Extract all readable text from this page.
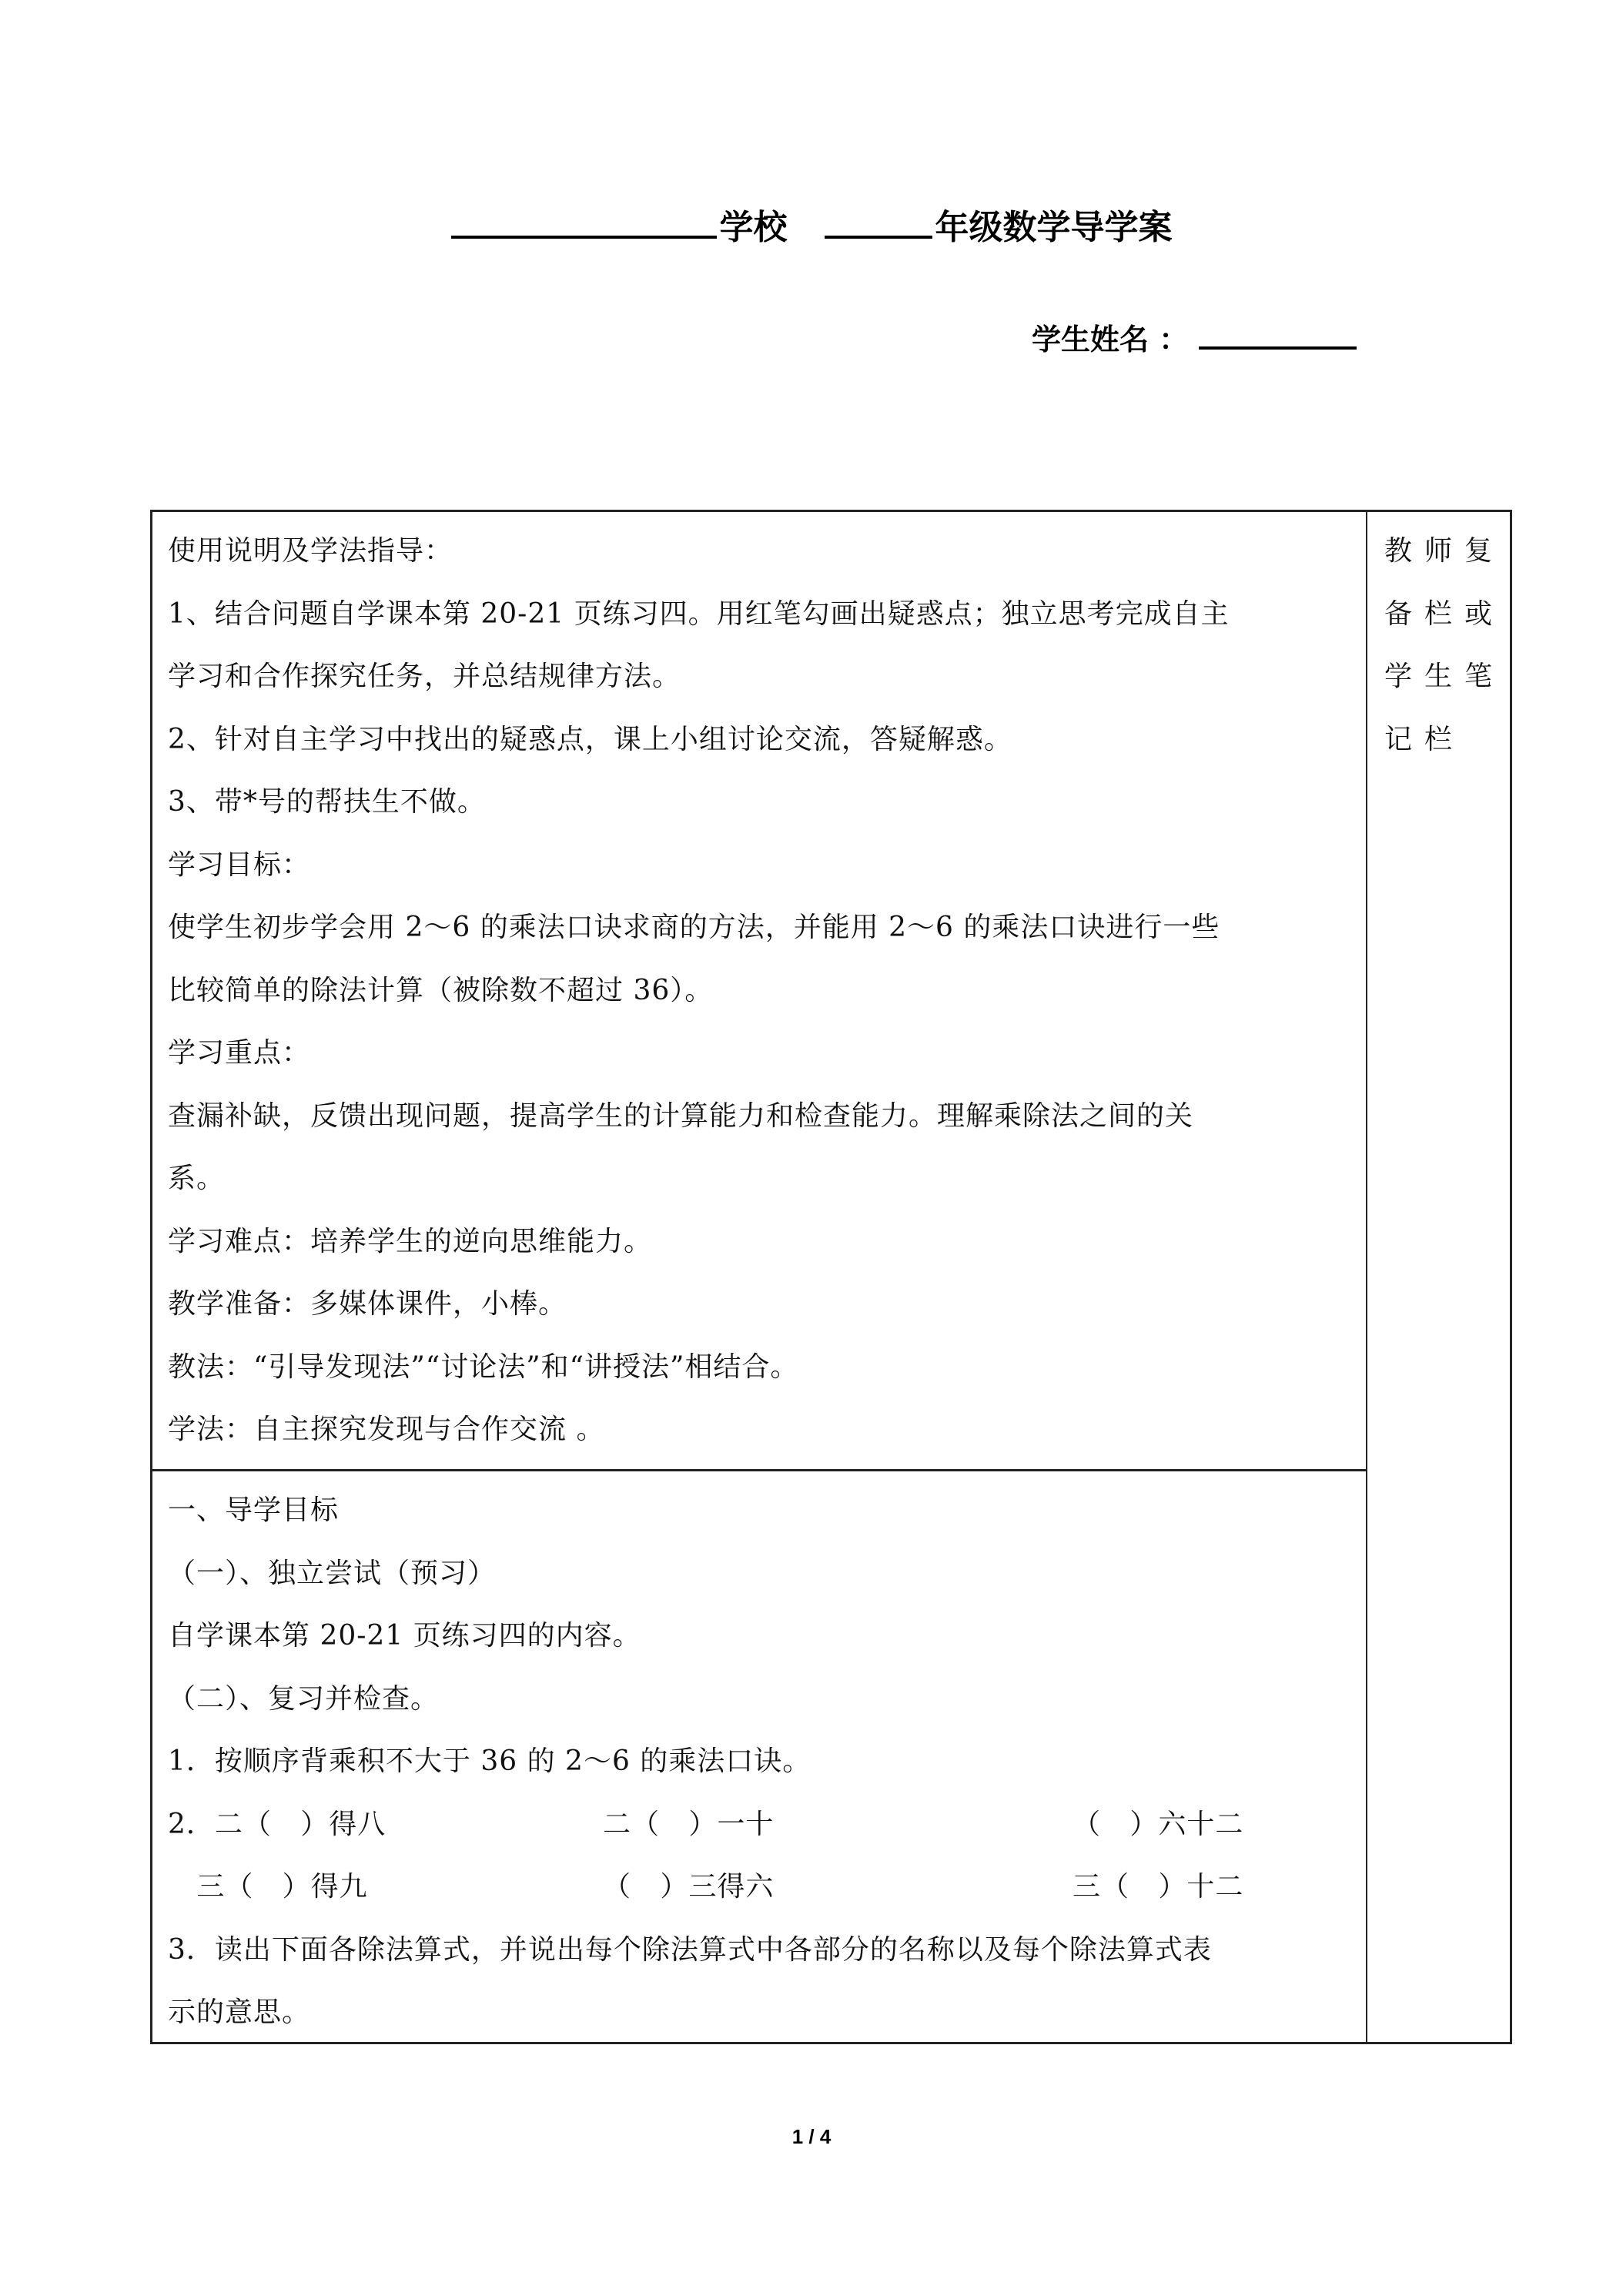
学校	年级数学导学案
学生姓名 ：
使用说明及学法指导：
1、结合问题自学课本第 20-21 页练习四。用红笔勾画出疑惑点；独立思考完成自主
学习和合作探究任务，并总结规律方法。
2、针对自主学习中找出的疑惑点，课上小组讨论交流，答疑解惑。
3、带*号的帮扶生不做。
学习目标：
使学生初步学会用 2～6 的乘法口诀求商的方法，并能用 2～6 的乘法口诀进行一些
比较简单的除法计算（被除数不超过 36）。
学习重点：
查漏补缺，反馈出现问题，提高学生的计算能力和检查能力。理解乘除法之间的关
系。
学习难点：培养学生的逆向思维能力。
教学准备：多媒体课件，小棒。
教法：“引导发现法”“讨论法”和“讲授法”相结合。
学法：自主探究发现与合作交流 。
教师复
备栏或
学生笔
记栏
一、导学目标
（一）、独立尝试（预习）
自学课本第 20-21 页练习四的内容。
（二）、复习并检查。
1．按顺序背乘积不大于 36 的 2～6 的乘法口诀。
2．二（   ）得八	二（   ）一十	（   ）六十二
三（   ）得九	（   ）三得六	三（   ）十二
3．读出下面各除法算式，并说出每个除法算式中各部分的名称以及每个除法算式表
示的意思。
1 / 4
